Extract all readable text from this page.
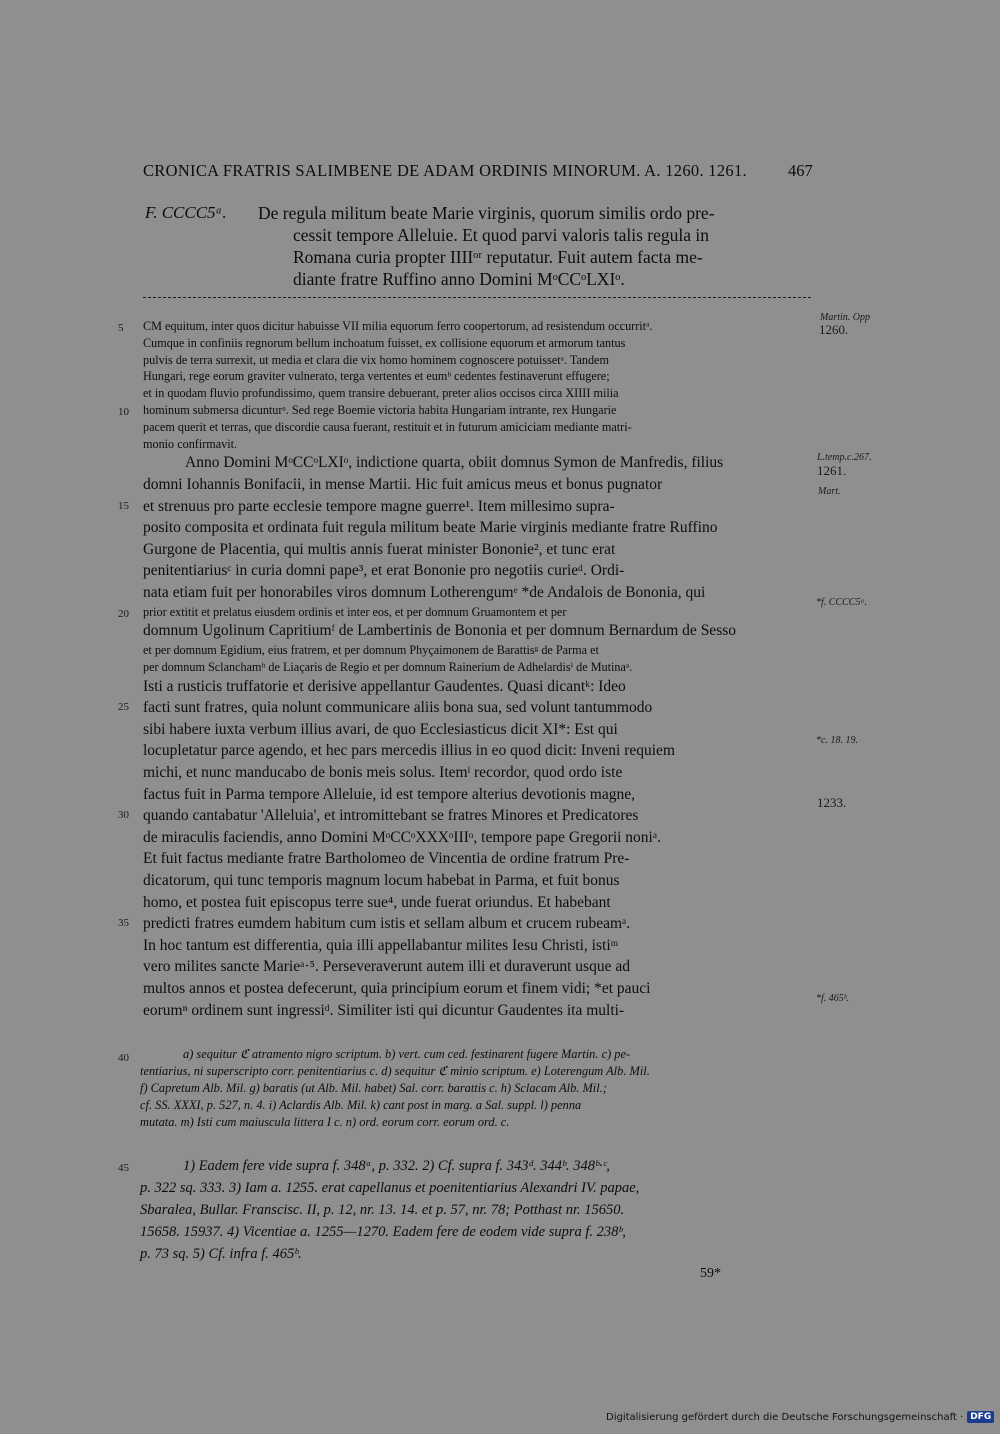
CRONICA FRATRIS SALIMBENE DE ADAM ORDINIS MINORUM. A. 1260. 1261. 467
F. CCCC5ᵃ. De regula militum beate Marie virginis, quorum similis ordo pre-
cessit tempore Alleluie. Et quod parvi valoris talis regula in
Romana curia propter IIIIᵒʳ reputatur. Fuit autem facta me-
diante fratre Ruffino anno Domini MᵒCCᵒLXIᵒ.
CM equitum, inter quos dicitur habuisse VII milia equorum ferro coopertorum, ad resistendum occurritᵃ.
5
Cumque in confiniis regnorum bellum inchoatum fuisset, ex collisione equorum et armorum tantus
pulvis de terra surrexit, ut media et clara die vix homo hominem cognoscere potuissetᵃ. Tandem
Hungari, rege eorum graviter vulnerato, terga vertentes et eumᵇ cedentes festinaverunt effugere;
et in quodam fluvio profundissimo, quem transire debuerant, preter alios occisos circa XIIII milia
hominum submersa dicunturᵃ. Sed rege Boemie victoria habita Hungariam intrante, rex Hungarie
10
pacem querit et terras, que discordie causa fuerant, restituit et in futurum amiciciam mediante matri-
monio confirmavit.
Anno Domini MᵒCCᵒLXIᵒ, indictione quarta, obiit domnus Symon de Manfredis, filius
domni Iohannis Bonifacii, in mense Martii. Hic fuit amicus meus et bonus pugnator
et strenuus pro parte ecclesie tempore magne guerre¹. Item millesimo supra-
15
posito composita et ordinata fuit regula militum beate Marie virginis mediante fratre Ruffino
Gurgone de Placentia, qui multis annis fuerat minister Bononie², et tunc erat
penitentiariusᶜ in curia domni pape³, et erat Bononie pro negotiis curieᵈ. Ordi-
nata etiam fuit per honorabiles viros domnum Lotherengumᵉ *de Andalois de Bononia, qui
prior extitit et prelatus eiusdem ordinis et inter eos, et per domnum Gruamontem et per
20
domnum Ugolinum Capritiumᶠ de Lambertinis de Bononia et per domnum Bernardum de Sesso
et per domnum Egidium, eius fratrem, et per domnum Phyçaimonem de Barattisᵍ de Parma et
per domnum Sclanchamʰ de Liaçaris de Regio et per domnum Rainerium de Adhelardisⁱ de Mutinaᵃ.
Isti a rusticis truffatorie et derisive appellantur Gaudentes. Quasi dicantᵏ: Ideo
facti sunt fratres, quia nolunt communicare aliis bona sua, sed volunt tantummodo
25
sibi habere iuxta verbum illius avari, de quo Ecclesiasticus dicit XI*: Est qui
locupletatur parce agendo, et hec pars mercedis illius in eo quod dicit: Inveni requiem
michi, et nunc manducabo de bonis meis solus. Itemˡ recordor, quod ordo iste
factus fuit in Parma tempore Alleluie, id est tempore alterius devotionis magne,
quando cantabatur 'Alleluia', et intromittebant se fratres Minores et Predicatores
30
de miraculis faciendis, anno Domini MᵒCCᵒXXXᵒIIIᵒ, tempore pape Gregorii noniᵃ.
Et fuit factus mediante fratre Bartholomeo de Vincentia de ordine fratrum Pre-
dicatorum, qui tunc temporis magnum locum habebat in Parma, et fuit bonus
homo, et postea fuit episcopus terre sue⁴, unde fuerat oriundus. Et habebant
predicti fratres eumdem habitum cum istis et sellam album et crucem rubeamᵃ.
35
In hoc tantum est differentia, quia illi appellabantur milites Iesu Christi, istiᵐ
vero milites sancte Marieᵃ·⁵. Perseveraverunt autem illi et duraverunt usque ad
multos annos et postea defecerunt, quia principium eorum et finem vidi; *et pauci
eorumⁿ ordinem sunt ingressiᵈ. Similiter isti qui dicuntur Gaudentes ita multi-
Martin. Opp
1260.
L.temp.c.267.
1261.
Mart.
*f. CCCC5ᵃ.
*c. 18. 19.
1233.
*f. 465ᵇ.
40	a) sequitur ℭ atramento nigro scriptum. b) vert. cum ced. festinarent fugere Martin. c) pe-
tentiarius, ni superscripto corr. penitentiarius c. d) sequitur ℭ minio scriptum. e) Loterengum Alb. Mil.
f) Capretum Alb. Mil. g) baratis (ut Alb. Mil. habet) Sal. corr. barattis c. h) Sclacam Alb. Mil.;
cf. SS. XXXI, p. 527, n. 4. i) Aclardis Alb. Mil. k) cant post in marg. a Sal. suppl. l) penna
mutata. m) Isti cum maiuscula littera I c. n) ord. eorum corr. eorum ord. c.
45	1) Eadem fere vide supra f. 348ᵃ, p. 332. 2) Cf. supra f. 343ᵈ. 344ᵇ. 348ᵇ·ᶜ,
p. 322 sq. 333. 3) Iam a. 1255. erat capellanus et poenitentiarius Alexandri IV. papae,
Sbaralea, Bullar. Franscisc. II, p. 12, nr. 13. 14. et p. 57, nr. 78; Potthast nr. 15650.
15658. 15937. 4) Vicentiae a. 1255—1270. Eadem fere de eodem vide supra f. 238ᵇ,
p. 73 sq. 5) Cf. infra f. 465ᵇ.
59*
Digitalisierung gefördert durch die Deutsche Forschungsgemeinschaft · DFG
